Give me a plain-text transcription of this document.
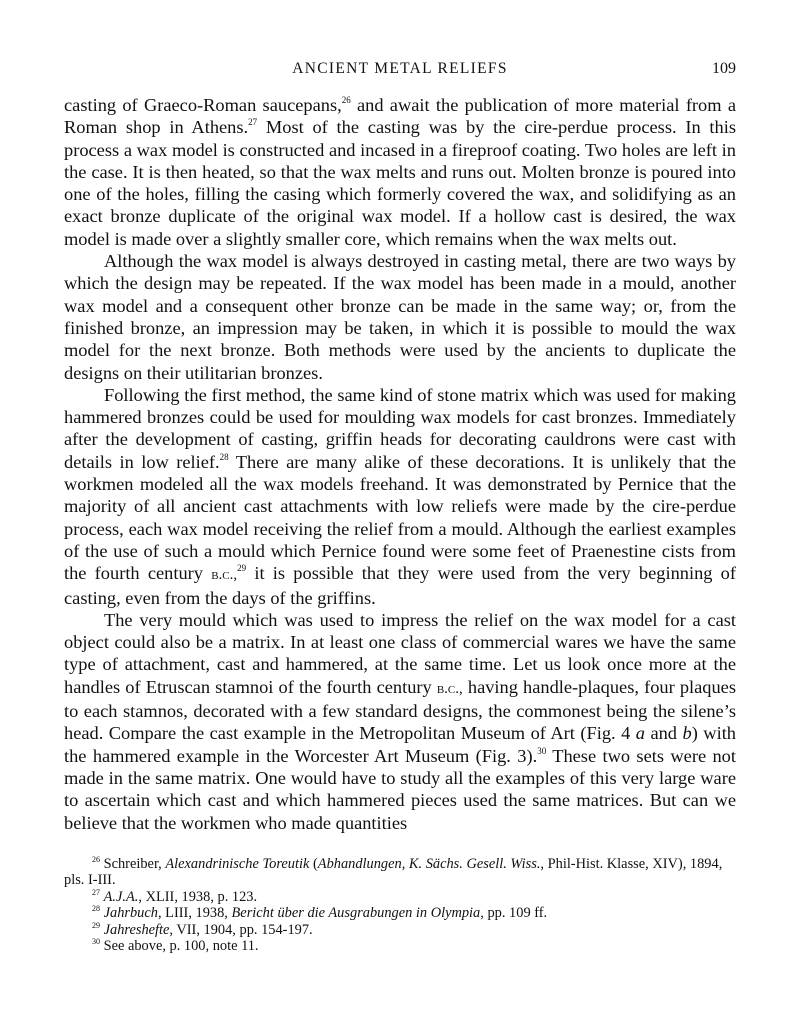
ANCIENT METAL RELIEFS	109

casting of Graeco-Roman saucepans,$^{26}$ and await the publication of more material from a Roman shop in Athens.$^{27}$ Most of the casting was by the cire-perdue process. In this process a wax model is constructed and incased in a fireproof coating. Two holes are left in the case. It is then heated, so that the wax melts and runs out. Molten bronze is poured into one of the holes, filling the casing which formerly covered the wax, and solidifying as an exact bronze duplicate of the original wax model. If a hollow cast is desired, the wax model is made over a slightly smaller core, which remains when the wax melts out.

Although the wax model is always destroyed in casting metal, there are two ways by which the design may be repeated. If the wax model has been made in a mould, another wax model and a consequent other bronze can be made in the same way; or, from the finished bronze, an impression may be taken, in which it is possible to mould the wax model for the next bronze. Both methods were used by the ancients to duplicate the designs on their utilitarian bronzes.

Following the first method, the same kind of stone matrix which was used for making hammered bronzes could be used for moulding wax models for cast bronzes. Immediately after the development of casting, griffin heads for decorating cauldrons were cast with details in low relief.$^{28}$ There are many alike of these decorations. It is unlikely that the workmen modeled all the wax models freehand. It was demonstrated by Pernice that the majority of all ancient cast attachments with low reliefs were made by the cire-perdue process, each wax model receiving the relief from a mould. Although the earliest examples of the use of such a mould which Pernice found were some feet of Praenestine cists from the fourth century b.c.,$^{29}$ it is possible that they were used from the very beginning of casting, even from the days of the griffins.

The very mould which was used to impress the relief on the wax model for a cast object could also be a matrix. In at least one class of commercial wares we have the same type of attachment, cast and hammered, at the same time. Let us look once more at the handles of Etruscan stamnoi of the fourth century b.c., having handle-plaques, four plaques to each stamnos, decorated with a few standard designs, the commonest being the silene’s head. Compare the cast example in the Metropolitan Museum of Art (Fig. 4 a and b) with the hammered example in the Worcester Art Museum (Fig. 3).$^{30}$ These two sets were not made in the same matrix. One would have to study all the examples of this very large ware to ascertain which cast and which hammered pieces used the same matrices. But can we believe that the workmen who made quantities

$^{26}$ Schreiber, Alexandrinische Toreutik (Abhandlungen, K. Sächs. Gesell. Wiss., Phil-Hist. Klasse, XIV), 1894, pls. I-III.

$^{27}$ A.J.A., XLII, 1938, p. 123.

$^{28}$ Jahrbuch, LIII, 1938, Bericht über die Ausgrabungen in Olympia, pp. 109 ff.

$^{29}$ Jahreshefte, VII, 1904, pp. 154-197.

$^{30}$ See above, p. 100, note 11.
